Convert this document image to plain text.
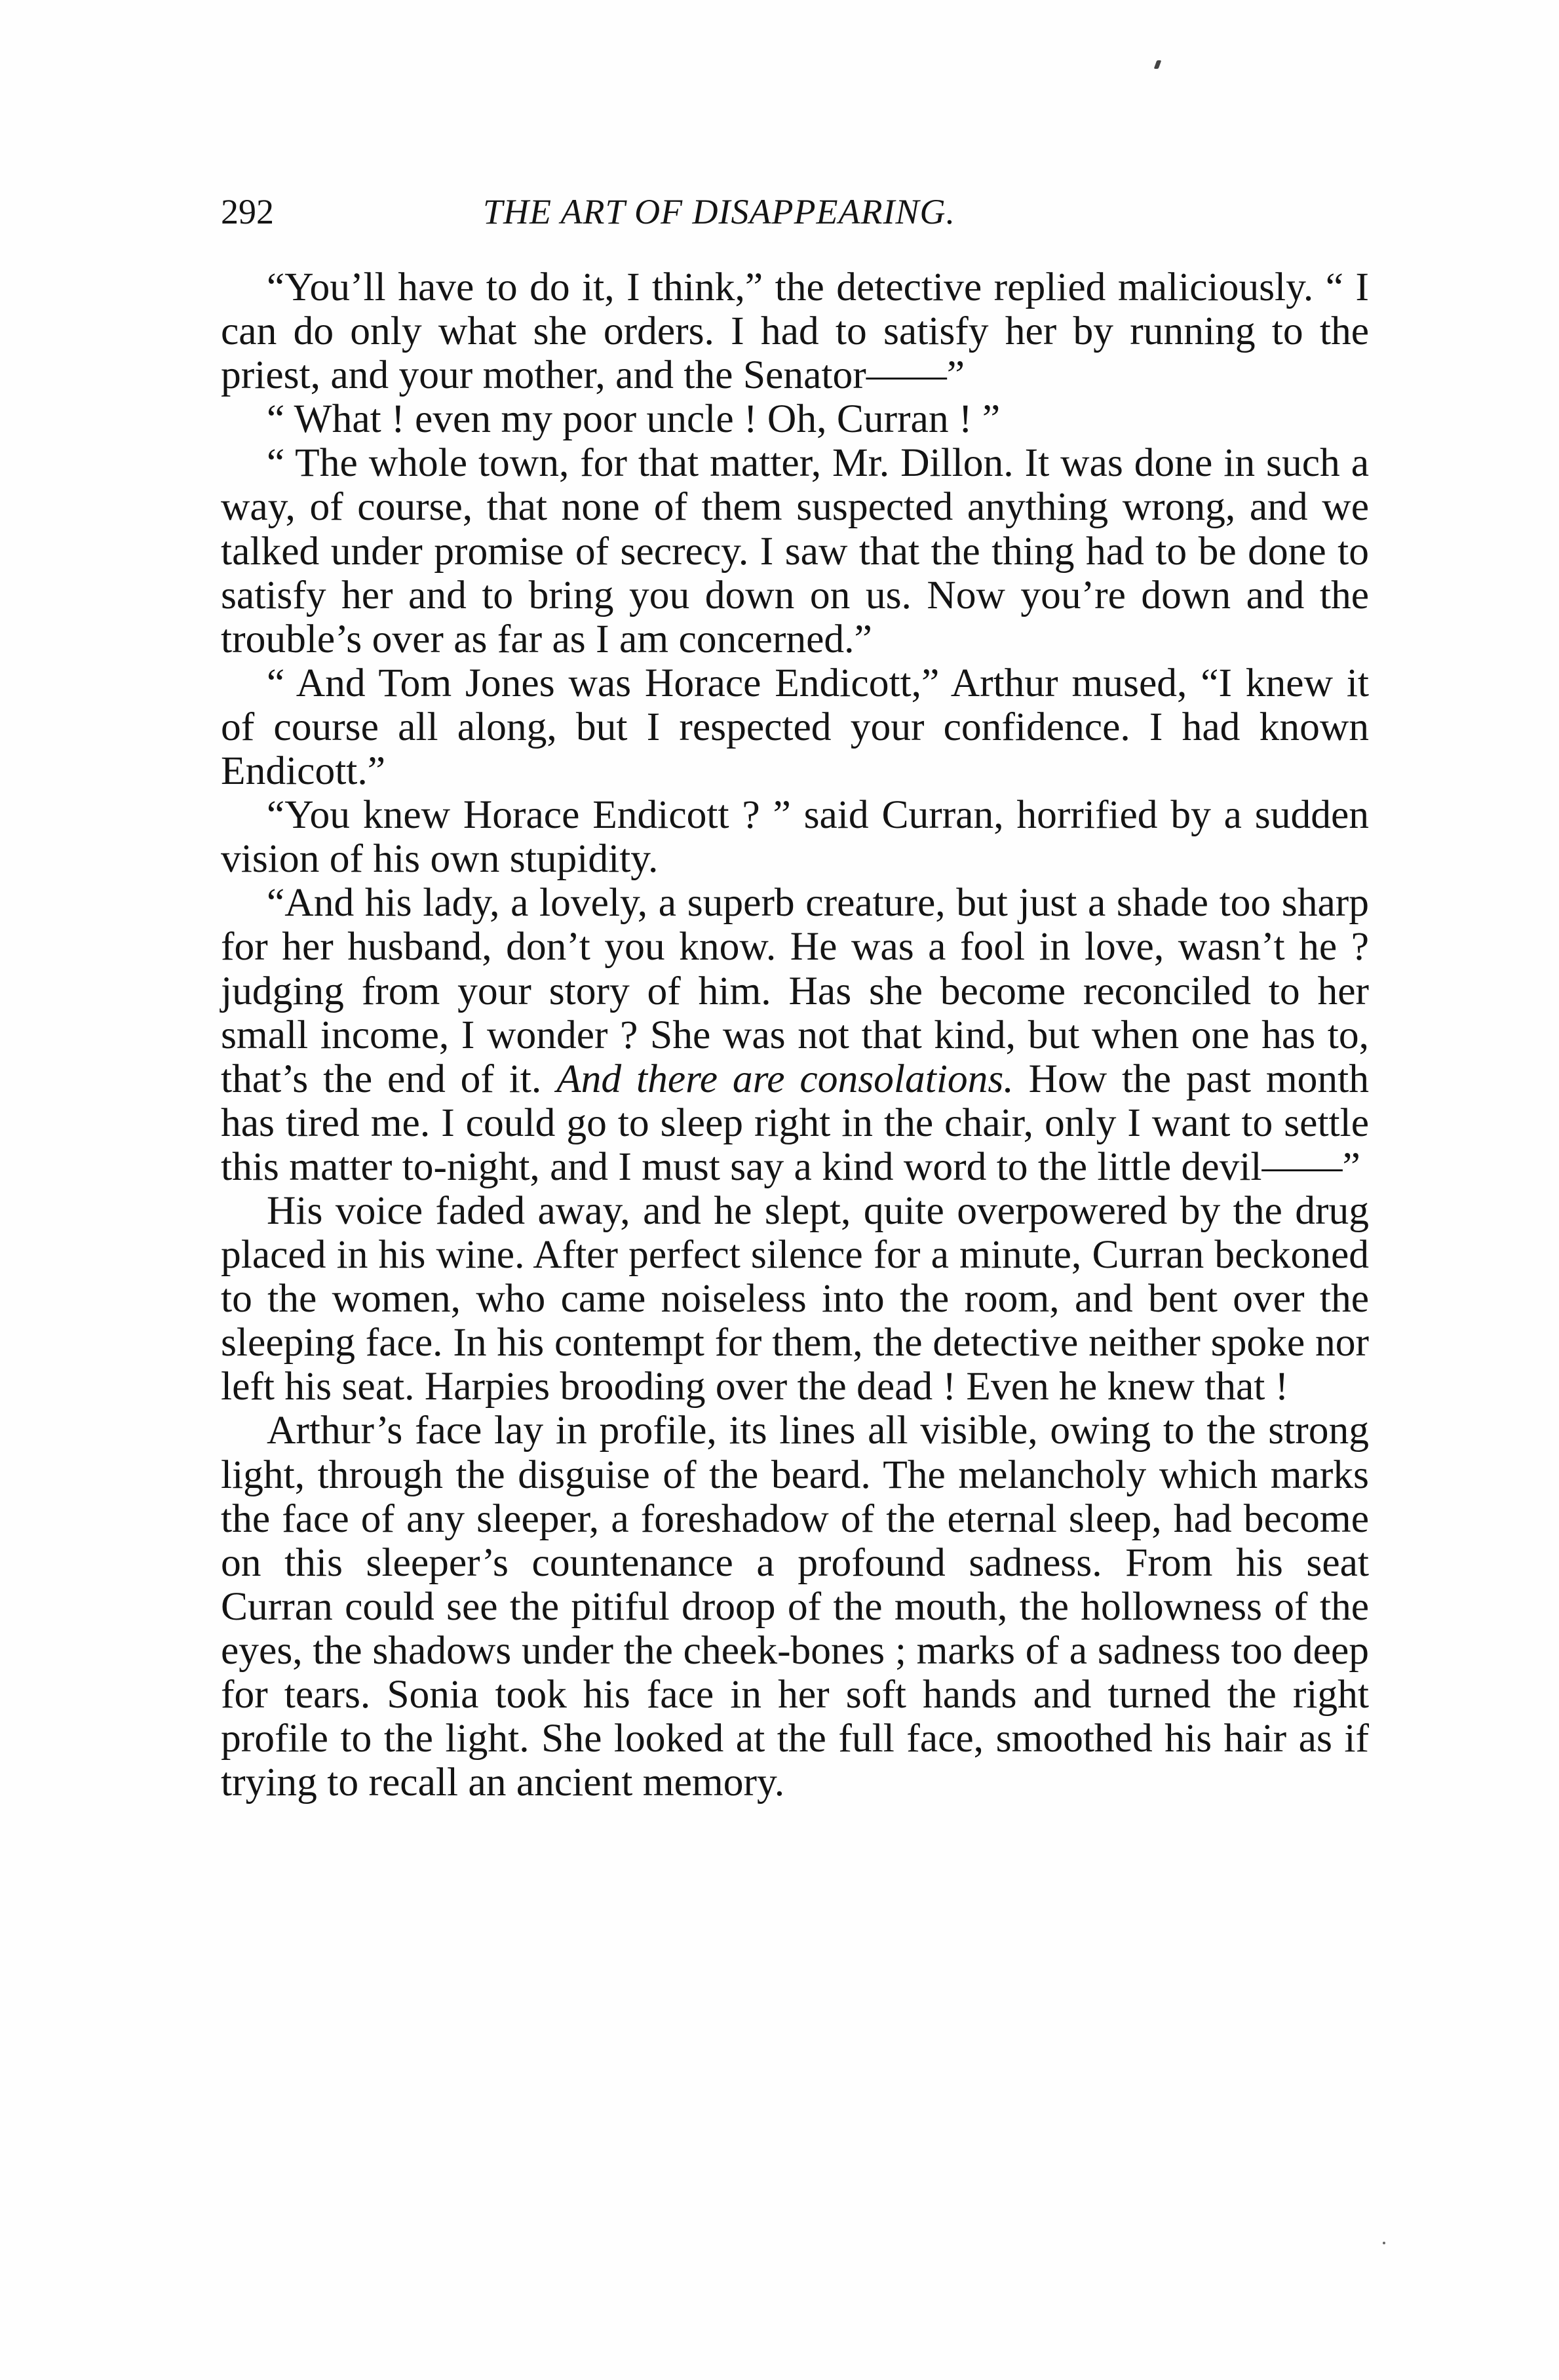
292	THE ART OF DISAPPEARING.

“You’ll have to do it, I think,” the detective replied maliciously. “ I can do only what she orders. I had to satisfy her by running to the priest, and your mother, and the Senator——”

“ What ! even my poor uncle ! Oh, Curran ! ”

“ The whole town, for that matter, Mr. Dillon. It was done in such a way, of course, that none of them suspected anything wrong, and we talked under promise of secrecy. I saw that the thing had to be done to satisfy her and to bring you down on us. Now you’re down and the trouble’s over as far as I am concerned.”

“ And Tom Jones was Horace Endicott,” Arthur mused, “I knew it of course all along, but I respected your confidence. I had known Endicott.”

“You knew Horace Endicott ? ” said Curran, horrified by a sudden vision of his own stupidity.

“And his lady, a lovely, a superb creature, but just a shade too sharp for her husband, don’t you know. He was a fool in love, wasn’t he ? judging from your story of him. Has she become reconciled to her small income, I wonder ? She was not that kind, but when one has to, that’s the end of it. And there are consolations. How the past month has tired me. I could go to sleep right in the chair, only I want to settle this matter to-night, and I must say a kind word to the little devil——”

His voice faded away, and he slept, quite overpowered by the drug placed in his wine. After perfect silence for a minute, Curran beckoned to the women, who came noiseless into the room, and bent over the sleeping face. In his contempt for them, the detective neither spoke nor left his seat. Harpies brooding over the dead ! Even he knew that !

Arthur’s face lay in profile, its lines all visible, owing to the strong light, through the disguise of the beard. The melancholy which marks the face of any sleeper, a foreshadow of the eternal sleep, had become on this sleeper’s countenance a profound sadness. From his seat Curran could see the pitiful droop of the mouth, the hollowness of the eyes, the shadows under the cheek-bones ; marks of a sadness too deep for tears. Sonia took his face in her soft hands and turned the right profile to the light. She looked at the full face, smoothed his hair as if trying to recall an ancient memory.
